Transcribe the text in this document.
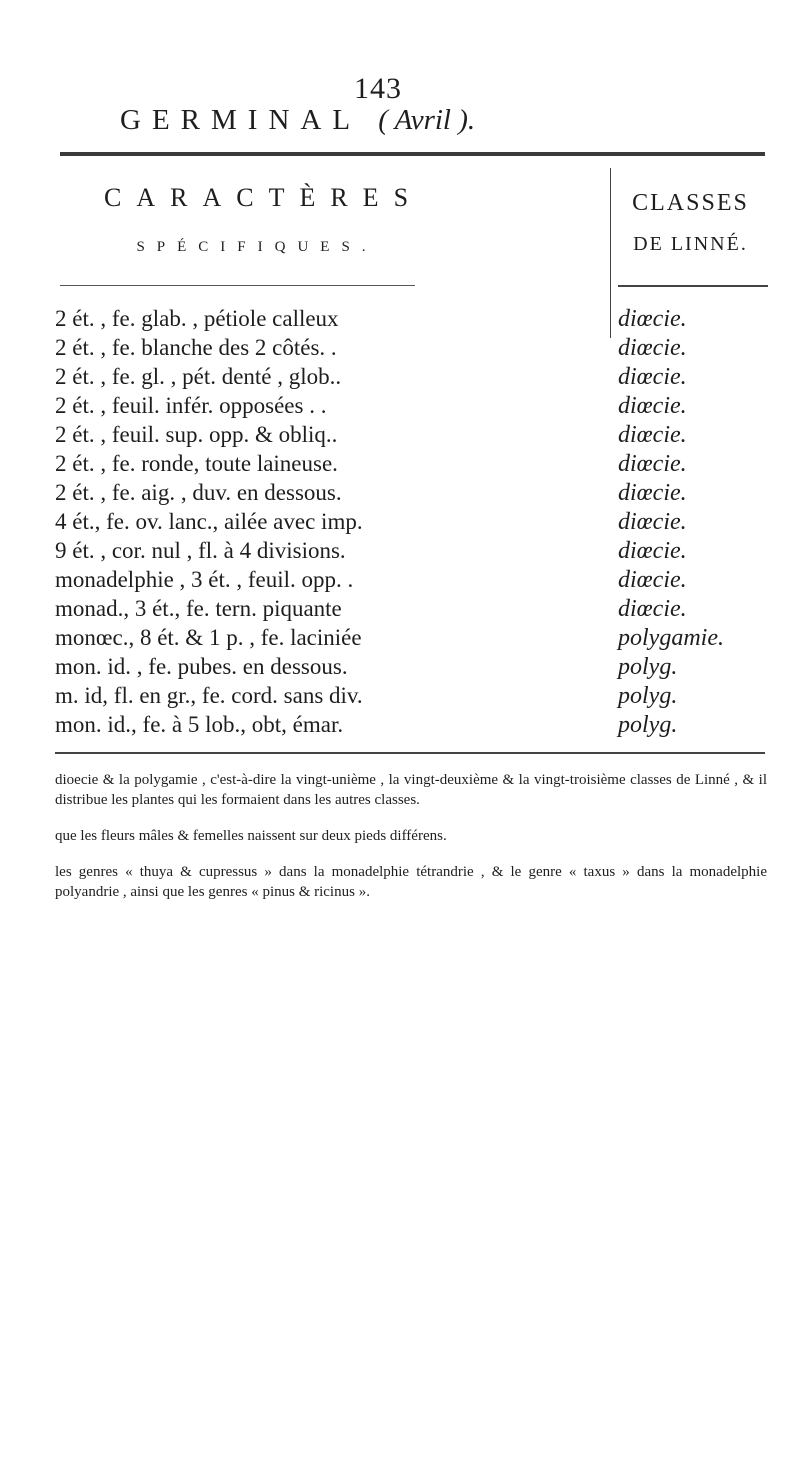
143
GERMINAL ( Avril ).
CARACTÈRES
SPÉCIFIQUES.
CLASSES
DE LINNÉ.
2 ét. , fe. glab. , pétiole calleux	diœcie.
2 ét. , fe. blanche des 2 côtés. .	diœcie.
2 ét. , fe. gl. , pét. denté , glob..	diœcie.
2 ét. , feuil. infér. opposées . .	diœcie.
2 ét. , feuil. sup. opp. & obliq..	diœcie.
2 ét. , fe. ronde, toute laineuse.	diœcie.
2 ét. , fe. aig. , duv. en dessous.	diœcie.
4 ét., fe. ov. lanc., ailée avec imp.	diœcie.
9 ét. , cor. nul , fl. à 4 divisions.	diœcie.
monadelphie , 3 ét. , feuil. opp. .	diœcie.
monad., 3 ét., fe. tern. piquante	diœcie.
monœc., 8 ét. & 1 p. , fe. laciniée	polygamie.
mon. id. , fe. pubes. en dessous.	polyg.
m. id, fl. en gr., fe. cord. sans div.	polyg.
mon. id., fe. à 5 lob., obt, émar.	polyg.

dioecie & la polygamie , c'est-à-dire la vingt-unième , la vingt-deuxième & la vingt-troisième classes de Linné , & il distribue les plantes qui les formaient dans les autres classes.

que les fleurs mâles & femelles naissent sur deux pieds différens.

les genres « thuya & cupressus » dans la monadelphie tétrandrie , & le genre « taxus » dans la monadelphie polyandrie , ainsi que les genres « pinus & ricinus ».
